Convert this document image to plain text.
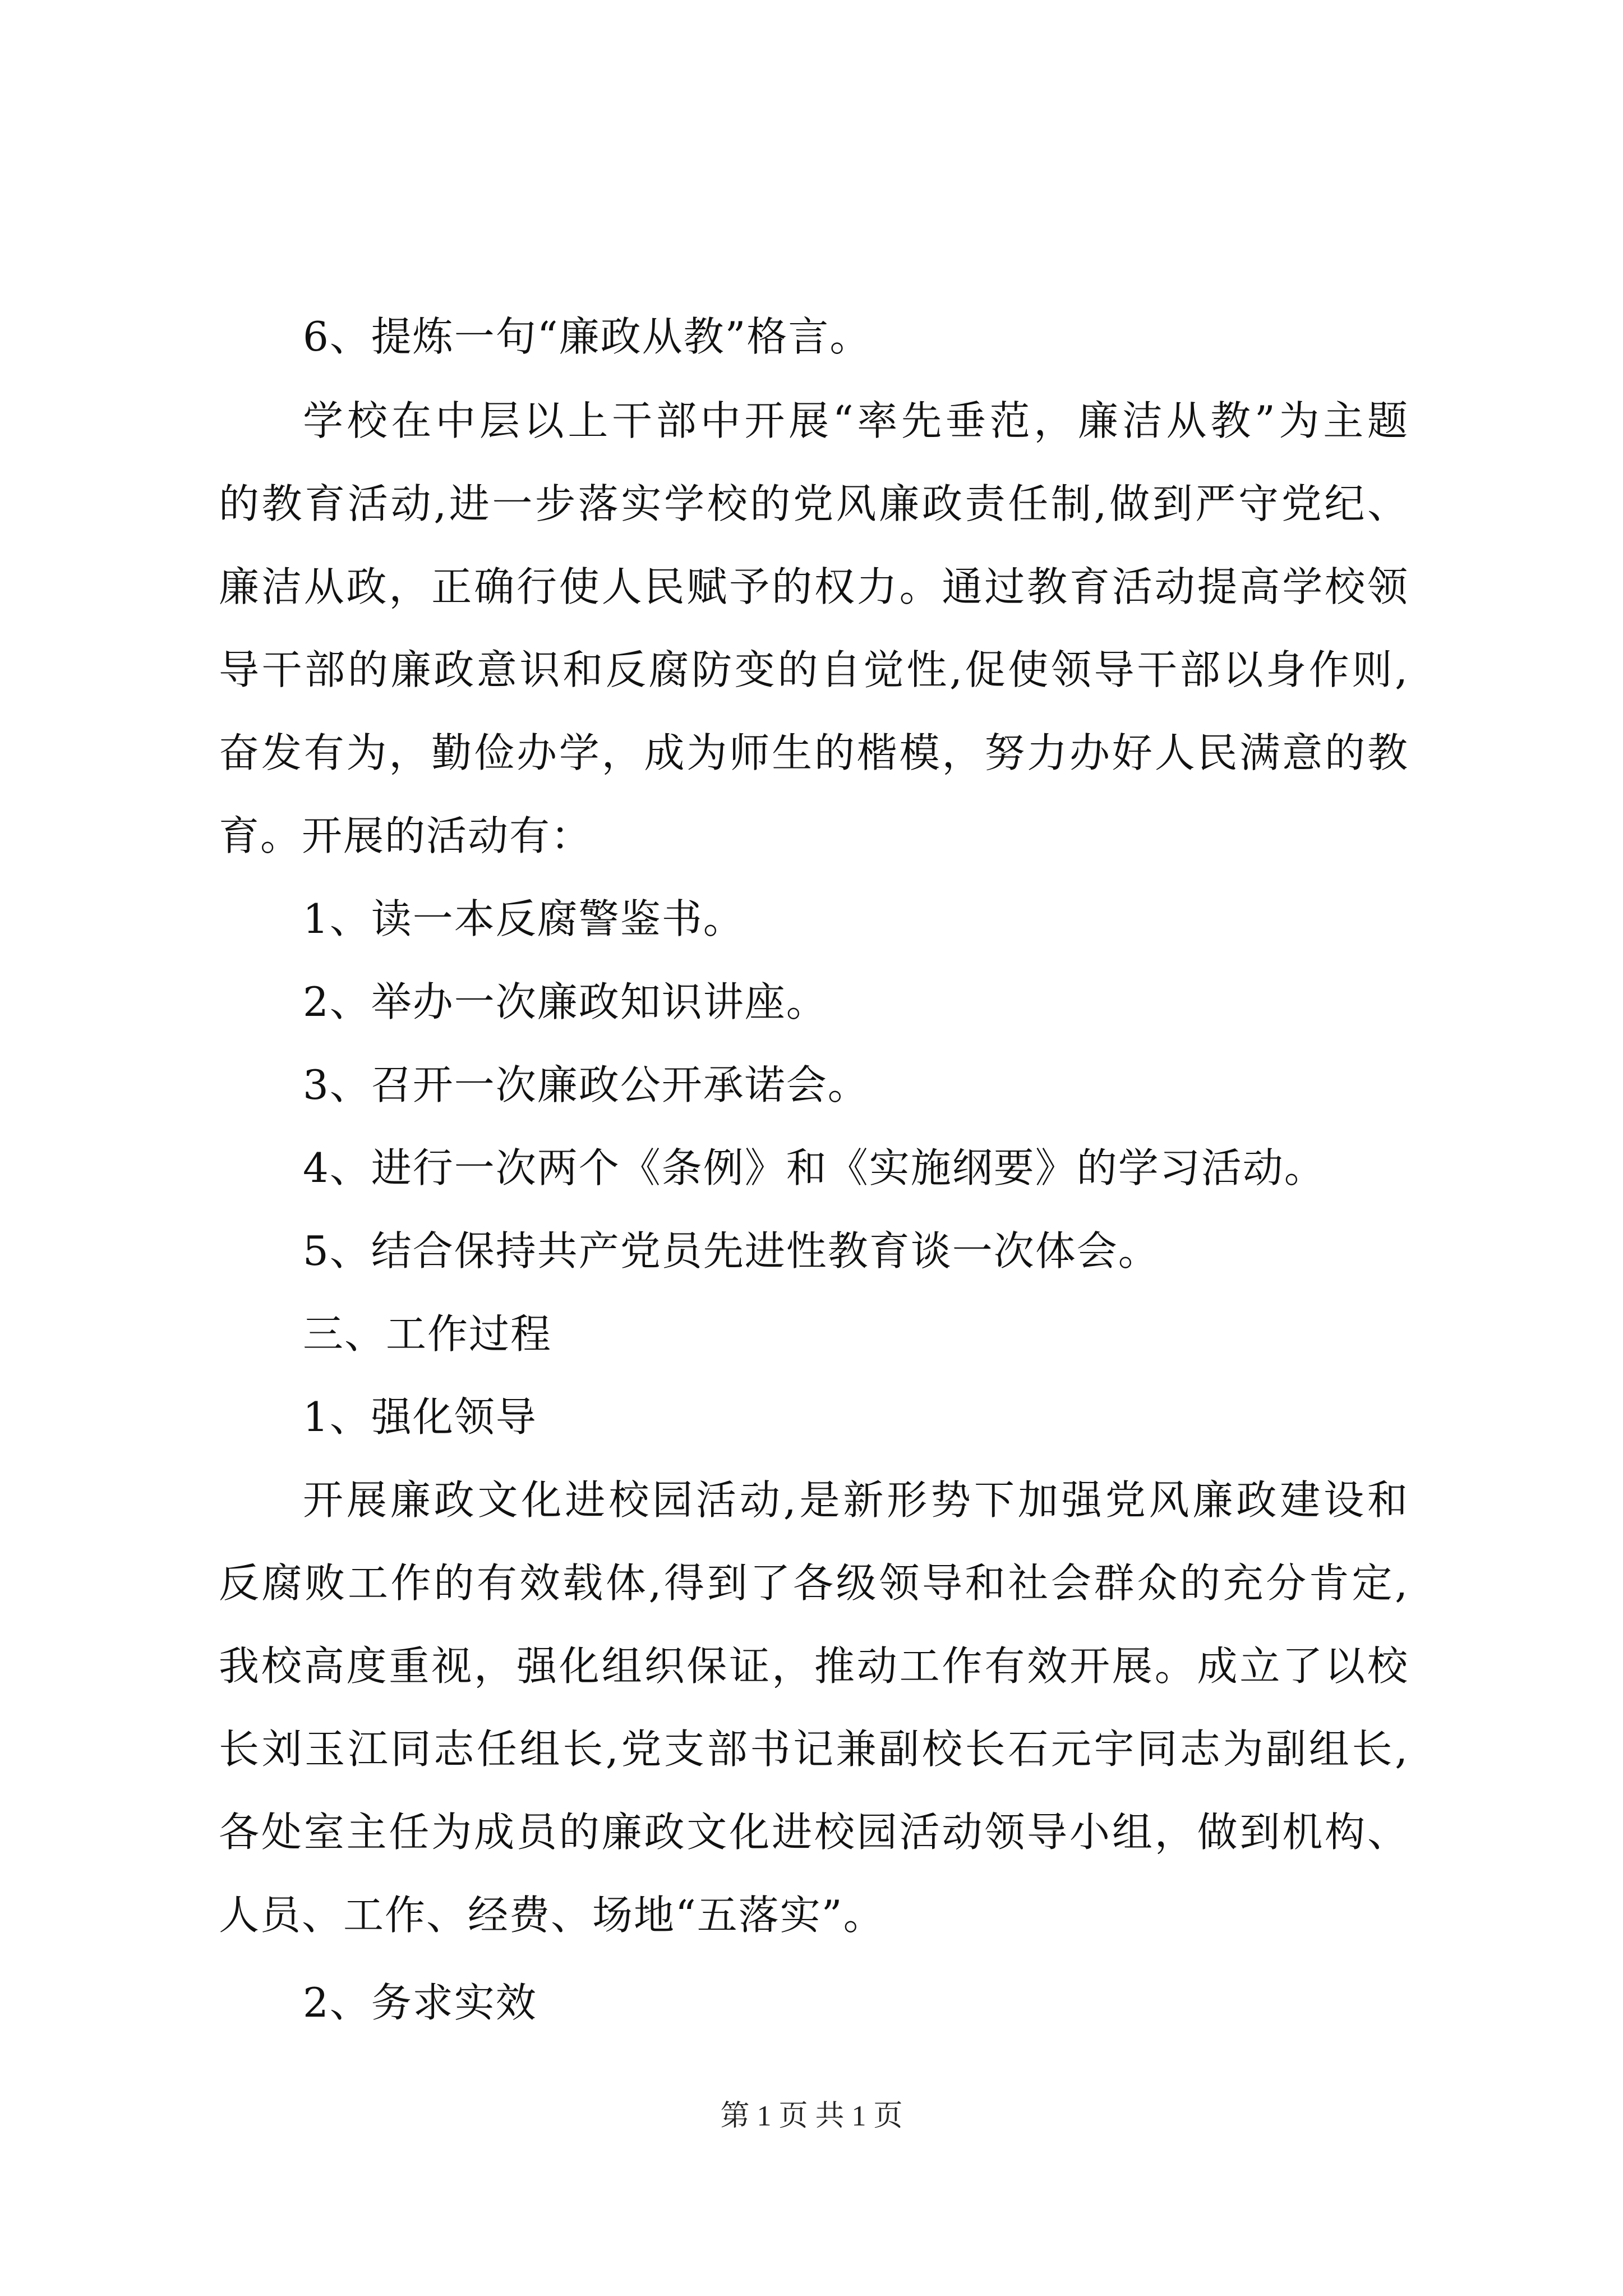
6、提炼一句“廉政从教”格言。
学校在中层以上干部中开展“率先垂范，廉洁从教”为主题
的教育活动,进一步落实学校的党风廉政责任制,做到严守党纪、
廉洁从政，正确行使人民赋予的权力。通过教育活动提高学校领
导干部的廉政意识和反腐防变的自觉性,促使领导干部以身作则,
奋发有为，勤俭办学，成为师生的楷模，努力办好人民满意的教
育。开展的活动有：
1、读一本反腐警鉴书。
2、举办一次廉政知识讲座。
3、召开一次廉政公开承诺会。
4、进行一次两个《条例》和《实施纲要》的学习活动。
5、结合保持共产党员先进性教育谈一次体会。
三、工作过程
1、强化领导
开展廉政文化进校园活动,是新形势下加强党风廉政建设和
反腐败工作的有效载体,得到了各级领导和社会群众的充分肯定,
我校高度重视，强化组织保证，推动工作有效开展。成立了以校
长刘玉江同志任组长,党支部书记兼副校长石元宇同志为副组长,
各处室主任为成员的廉政文化进校园活动领导小组，做到机构、
人员、工作、经费、场地“五落实”。
2、务求实效
第 1 页 共 1 页
